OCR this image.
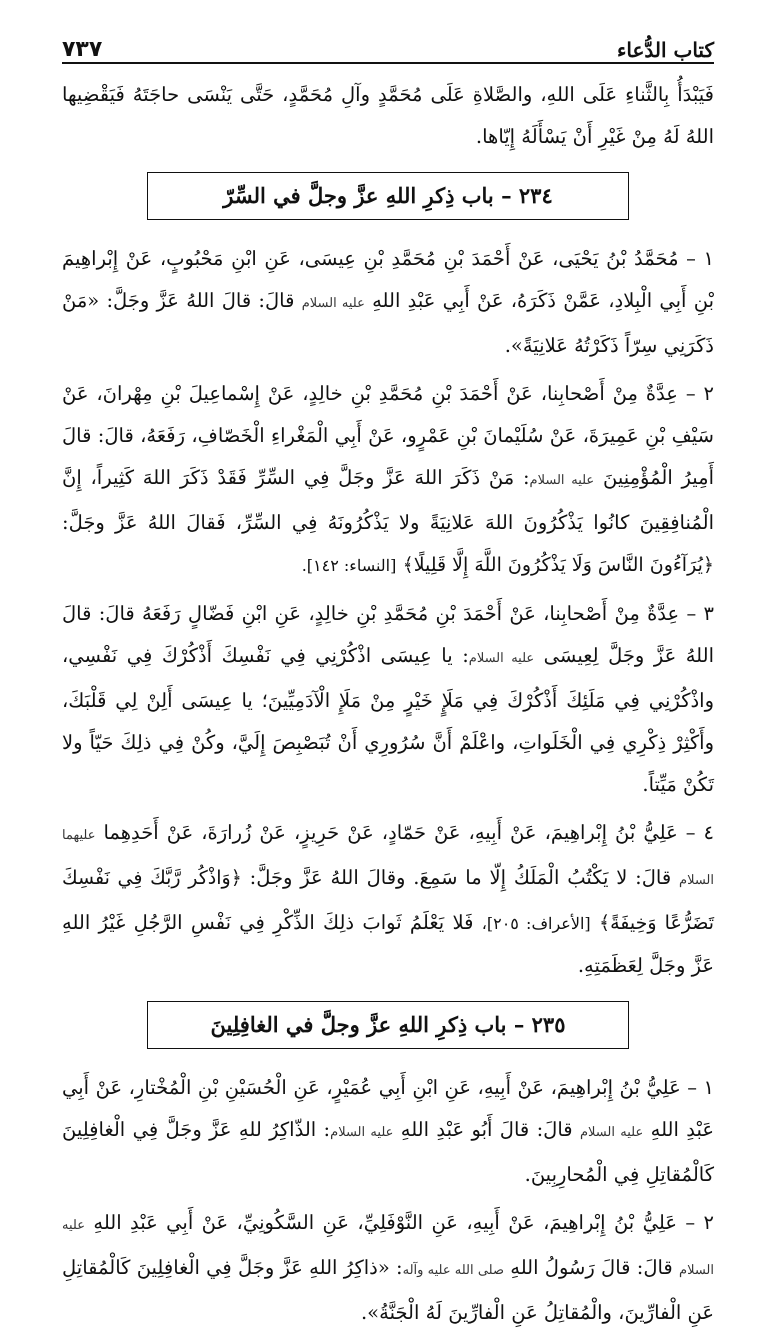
كتاب الدُّعاء
٧٣٧

فَيَبْدَأُ بِالثَّناءِ عَلَى اللهِ، والصَّلاةِ عَلَى مُحَمَّدٍ وآلِ مُحَمَّدٍ، حَتَّى يَنْسَى حاجَتَهُ فَيَقْضِيها اللهُ لَهُ مِنْ غَيْرِ أَنْ يَسْأَلَهُ إِيّاها.

٢٣٤ – باب ذِكرِ اللهِ عزَّ وجلَّ في السِّرّ

١ – مُحَمَّدُ بْنُ يَحْيَى، عَنْ أَحْمَدَ بْنِ مُحَمَّدِ بْنِ عِيسَى، عَنِ ابْنِ مَحْبُوبٍ، عَنْ إِبْراهِيمَ بْنِ أَبِي الْبِلادِ، عَمَّنْ ذَكَرَهُ، عَنْ أَبِي عَبْدِ اللهِ عليه السلام قالَ: قالَ اللهُ عَزَّ وجَلَّ: «مَنْ ذَكَرَنِي سِرّاً ذَكَرْتُهُ عَلانِيَةً».

٢ – عِدَّةٌ مِنْ أَصْحابِنا، عَنْ أَحْمَدَ بْنِ مُحَمَّدِ بْنِ خالِدٍ، عَنْ إِسْماعِيلَ بْنِ مِهْرانَ، عَنْ سَيْفِ بْنِ عَمِيرَةَ، عَنْ سُلَيْمانَ بْنِ عَمْرٍو، عَنْ أَبِي الْمَغْراءِ الْخَصّافِ، رَفَعَهُ، قالَ: قالَ أَمِيرُ الْمُؤْمِنِينَ عليه السلام: مَنْ ذَكَرَ اللهَ عَزَّ وجَلَّ فِي السِّرِّ فَقَدْ ذَكَرَ اللهَ كَثِيراً، إِنَّ الْمُنافِقِينَ كانُوا يَذْكُرُونَ اللهَ عَلانِيَةً ولا يَذْكُرُونَهُ فِي السِّرِّ، فَقالَ اللهُ عَزَّ وجَلَّ: ﴿يُرَآءُونَ النَّاسَ وَلَا يَذْكُرُونَ اللَّهَ إِلَّا قَلِيلًا﴾ [النساء: ١٤٢].

٣ – عِدَّةٌ مِنْ أَصْحابِنا، عَنْ أَحْمَدَ بْنِ مُحَمَّدِ بْنِ خالِدٍ، عَنِ ابْنِ فَضّالٍ رَفَعَهُ قالَ: قالَ اللهُ عَزَّ وجَلَّ لِعِيسَى عليه السلام: يا عِيسَى اذْكُرْنِي فِي نَفْسِكَ أَذْكُرْكَ فِي نَفْسِي، واذْكُرْنِي فِي مَلَئِكَ أَذْكُرْكَ فِي مَلَإٍ خَيْرٍ مِنْ مَلَإِ الْآدَمِيِّينَ؛ يا عِيسَى أَلِنْ لِي قَلْبَكَ، وأَكْثِرْ ذِكْرِي فِي الْخَلَواتِ، واعْلَمْ أَنَّ سُرُورِي أَنْ تُبَصْبِصَ إِلَيَّ، وكُنْ فِي ذلِكَ حَيّاً ولا تَكُنْ مَيِّتاً.

٤ – عَلِيُّ بْنُ إِبْراهِيمَ، عَنْ أَبِيهِ، عَنْ حَمّادٍ، عَنْ حَرِيزٍ، عَنْ زُرارَةَ، عَنْ أَحَدِهِما عليهما السلام قالَ: لا يَكْتُبُ الْمَلَكُ إِلّا ما سَمِعَ. وقالَ اللهُ عَزَّ وجَلَّ: ﴿وَاذْكُر رَّبَّكَ فِي نَفْسِكَ تَضَرُّعًا وَخِيفَةً﴾ [الأعراف: ٢٠٥]، فَلا يَعْلَمُ ثَوابَ ذلِكَ الذِّكْرِ فِي نَفْسِ الرَّجُلِ غَيْرُ اللهِ عَزَّ وجَلَّ لِعَظَمَتِهِ.

٢٣٥ – باب ذِكرِ اللهِ عزَّ وجلَّ في الغافِلِينَ

١ – عَلِيُّ بْنُ إِبْراهِيمَ، عَنْ أَبِيهِ، عَنِ ابْنِ أَبِي عُمَيْرٍ، عَنِ الْحُسَيْنِ بْنِ الْمُخْتارِ، عَنْ أَبِي عَبْدِ اللهِ عليه السلام قالَ: قالَ أَبُو عَبْدِ اللهِ عليه السلام: الذّاكِرُ للهِ عَزَّ وجَلَّ فِي الْغافِلِينَ كَالْمُقاتِلِ فِي الْمُحارِبِينَ.

٢ – عَلِيُّ بْنُ إِبْراهِيمَ، عَنْ أَبِيهِ، عَنِ النَّوْفَلِيِّ، عَنِ السَّكُونِيِّ، عَنْ أَبِي عَبْدِ اللهِ عليه السلام قالَ: قالَ رَسُولُ اللهِ صلى الله عليه وآله: «ذاكِرُ اللهِ عَزَّ وجَلَّ فِي الْغافِلِينَ كَالْمُقاتِلِ عَنِ الْفارِّينَ، والْمُقاتِلُ عَنِ الْفارِّينَ لَهُ الْجَنَّةُ».
